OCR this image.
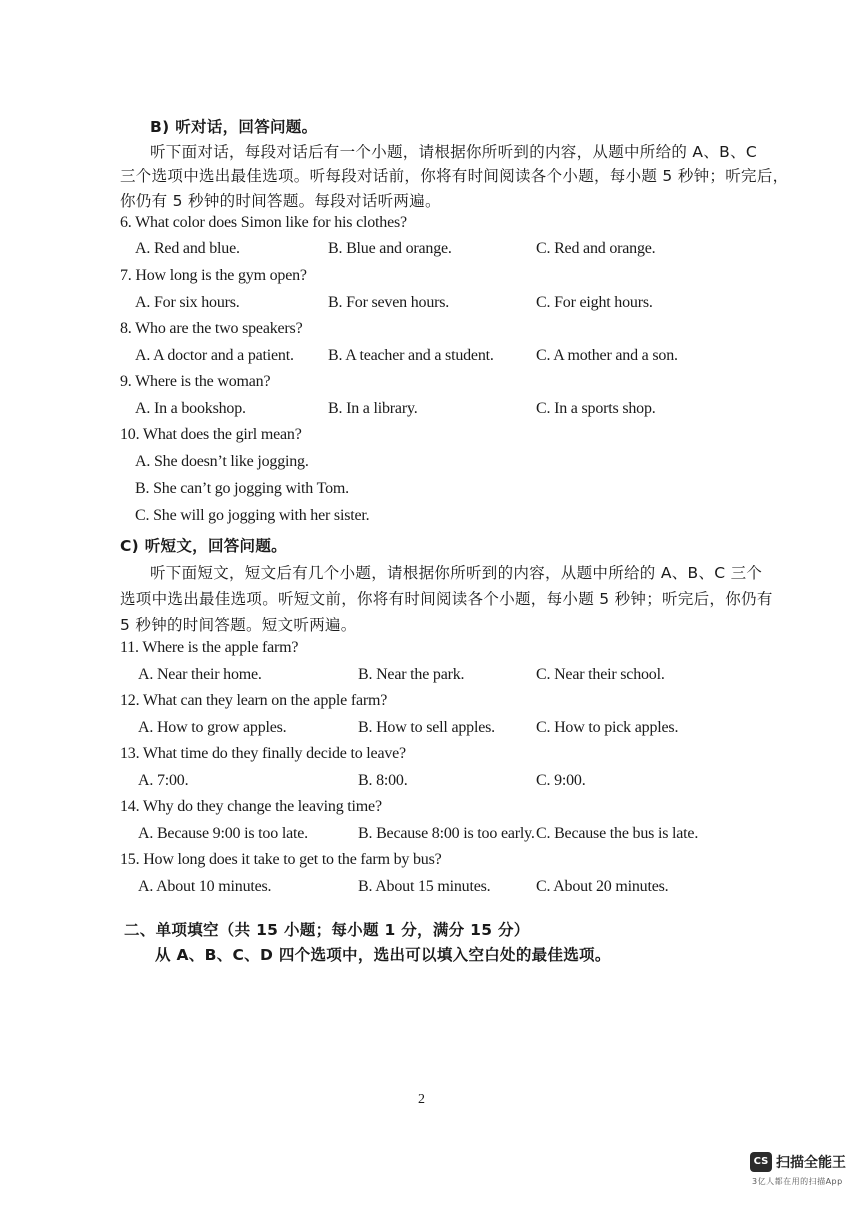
B) 听对话，回答问题。
听下面对话，每段对话后有一个小题，请根据你所听到的内容，从题中所给的 A、B、C
三个选项中选出最佳选项。听每段对话前，你将有时间阅读各个小题，每小题 5 秒钟；听完后，
你仍有 5 秒钟的时间答题。每段对话听两遍。
6. What color does Simon like for his clothes?
A. Red and blue.	B. Blue and orange.	C. Red and orange.
7. How long is the gym open?
A. For six hours.	B. For seven hours.	C. For eight hours.
8. Who are the two speakers?
A. A doctor and a patient. B. A teacher and a student.	C. A mother and a son.
9. Where is the woman?
A. In a bookshop.	B. In a library.	C. In a sports shop.
10. What does the girl mean?
A. She doesn’t like jogging.
B. She can’t go jogging with Tom.
C. She will go jogging with her sister.
C) 听短文，回答问题。
听下面短文，短文后有几个小题，请根据你所听到的内容，从题中所给的 A、B、C 三个
选项中选出最佳选项。听短文前，你将有时间阅读各个小题，每小题 5 秒钟；听完后，你仍有
5 秒钟的时间答题。短文听两遍。
11. Where is the apple farm?
A. Near their home.	B. Near the park.	C. Near their school.
12. What can they learn on the apple farm?
A. How to grow apples.	B. How to sell apples.	C. How to pick apples.
13. What time do they finally decide to leave?
A. 7:00.	B. 8:00.	C. 9:00.
14. Why do they change the leaving time?
A. Because 9:00 is too late.	B. Because 8:00 is too early. C. Because the bus is late.
15. How long does it take to get to the farm by bus?
A. About 10 minutes.	B. About 15 minutes.	C. About 20 minutes.
二、单项填空（共 15 小题；每小题 1 分，满分 15 分）
从 A、B、C、D 四个选项中，选出可以填入空白处的最佳选项。
2
CS 扫描全能王
3亿人都在用的扫描App
